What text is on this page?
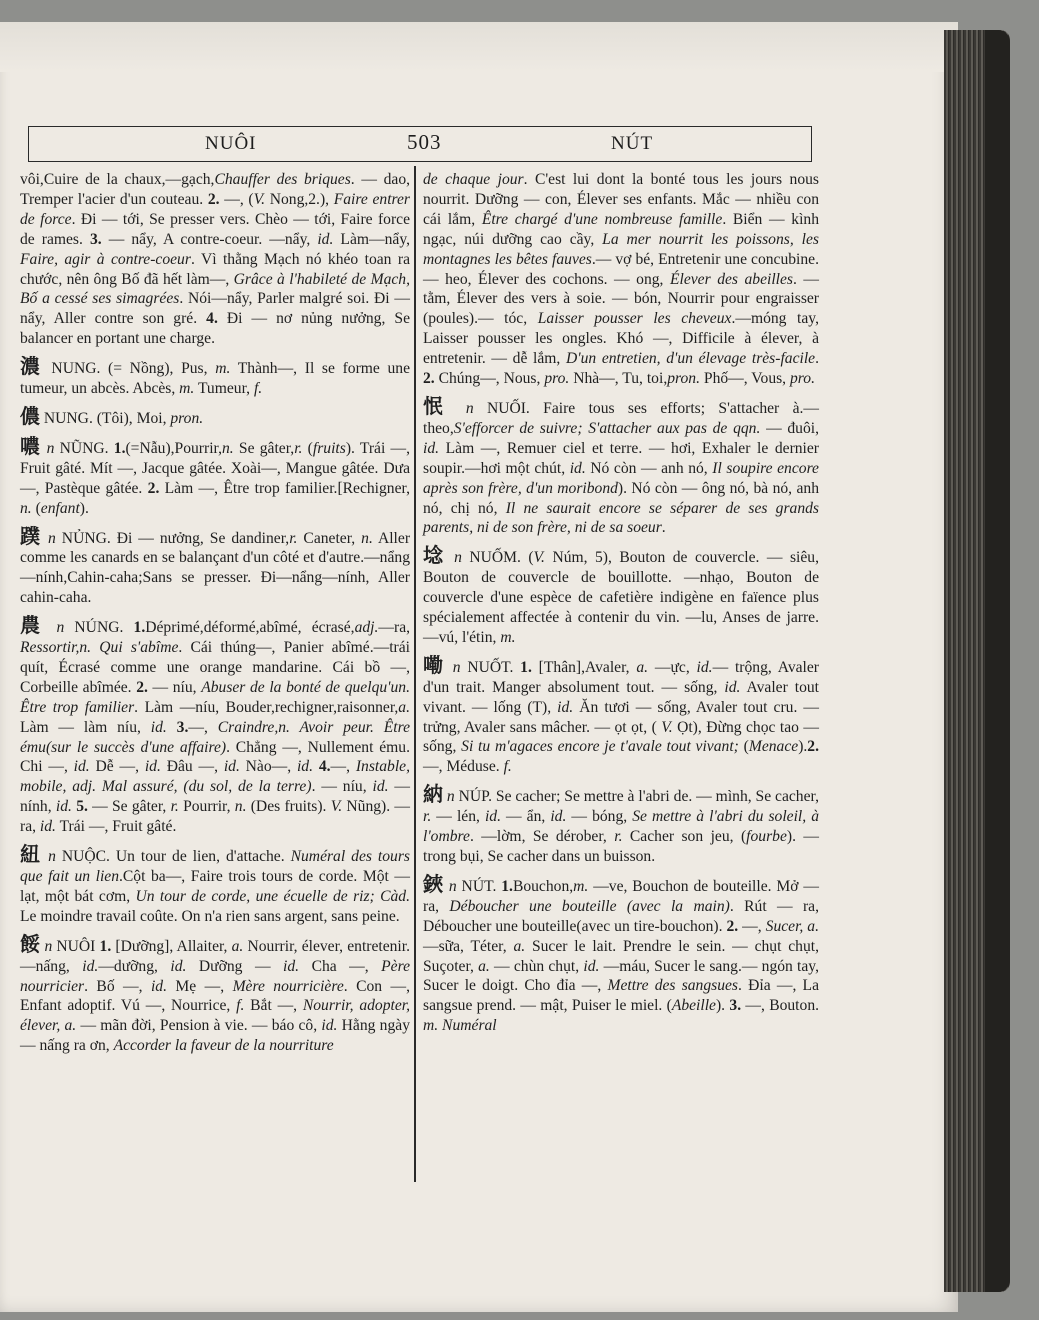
NUÔI	503	NÚT

vôi,Cuire de la chaux,—gạch,Chauffer des briques. — dao, Tremper l'acier d'un couteau. 2. —, (V. Nong,2.), Faire entrer de force. Đi — tới, Se presser vers. Chèo — tới, Faire force de rames. 3. — nẩy, A contre-coeur. —nẩy, id. Làm—nẩy, Faire, agir à contre-coeur. Vì thằng Mạch nó khéo toan ra chước, nên ông Bố đã hết làm—, Grâce à l'habileté de Mạch, Bố a cessé ses simagrées. Nói—nẩy, Parler malgré soi. Đi —nẩy, Aller contre son gré. 4. Đi — nơ nủng nưởng, Se balancer en portant une charge.

濃 NUNG. (= Nồng), Pus, m. Thành—, Il se forme une tumeur, un abcès. Abcès, m. Tumeur, f.

儂 NUNG. (Tôi), Moi, pron.

噥 n NŨNG. 1.(=Nẫu),Pourrir,n. Se gâter,r. (fruits). Trái —, Fruit gâté. Mít —, Jacque gâtée. Xoài—, Mangue gâtée. Dưa—, Pastèque gâtée. 2. Làm —, Être trop familier.[Rechigner, n. (enfant).

蹼 n NỦNG. Đi — nưởng, Se dandiner,r. Caneter, n. Aller comme les canards en se balançant d'un côté et d'autre.—nẩng—nính,Cahin-caha;Sans se presser. Đi—nẩng—nính, Aller cahin-caha.

農 n NÚNG. 1.Déprimé,déformé,abîmé, écrasé,adj.—ra, Ressortir,n. Qui s'abîme. Cái thúng—, Panier abîmé.—trái quít, Écrasé comme une orange mandarine. Cái bồ —, Corbeille abîmée. 2. — níu, Abuser de la bonté de quelqu'un. Être trop familier. Làm —níu, Bouder,rechigner,raisonner,a. Làm — làm níu, id. 3.—, Craindre,n. Avoir peur. Être ému(sur le succès d'une affaire). Chẳng —, Nullement ému. Chi —, id. Dễ —, id. Đâu —, id. Nào—, id. 4.—, Instable, mobile, adj. Mal assuré, (du sol, de la terre). — níu, id. — nính, id. 5. — Se gâter, r. Pourrir, n. (Des fruits). V. Nũng). — ra, id. Trái —, Fruit gâté.

紐 n NUỘC. Un tour de lien, d'attache. Numéral des tours que fait un lien.Cột ba—, Faire trois tours de corde. Một — lạt, một bát cơm, Un tour de corde, une écuelle de riz; Càd. Le moindre travail coûte. On n'a rien sans argent, sans peine.

餒 n NUÔI 1. [Dưỡng], Allaiter, a. Nourrir, élever, entretenir.—nấng, id.—dưỡng, id. Dưỡng — id. Cha —, Père nourricier. Bố —, id. Mẹ —, Mère nourricière. Con —, Enfant adoptif. Vú —, Nourrice, f. Bắt —, Nourrir, adopter, élever, a. — mãn đời, Pension à vie. — báo cô, id. Hằng ngày — nấng ra ơn, Accorder la faveur de la nourriture

de chaque jour. C'est lui dont la bonté tous les jours nous nourrit. Dưỡng — con, Élever ses enfants. Mắc — nhiều con cái lắm, Être chargé d'une nombreuse famille. Biển — kình ngạc, núi dưỡng cao cầy, La mer nourrit les poissons, les montagnes les bêtes fauves.— vợ bé, Entretenir une concubine.— heo, Élever des cochons. — ong, Élever des abeilles. — tằm, Élever des vers à soie. — bón, Nourrir pour engraisser (poules).— tóc, Laisser pousser les cheveux.—móng tay, Laisser pousser les ongles. Khó —, Difficile à élever, à entretenir. — dễ lắm, D'un entretien, d'un élevage très-facile. 2. Chúng—, Nous, pro. Nhà—, Tu, toi,pron. Phố—, Vous, pro.

怋 n NUỐI. Faire tous ses efforts; S'attacher à.—theo,S'efforcer de suivre; S'attacher aux pas de qqn. — đuôi, id. Làm —, Remuer ciel et terre. — hơi, Exhaler le dernier soupir.—hơi một chút, id. Nó còn — anh nó, Il soupire encore après son frère, d'un moribond). Nó còn — ông nó, bà nó, anh nó, chị nó, Il ne saurait encore se séparer de ses grands parents, ni de son frère, ni de sa soeur.

埝 n NUỐM. (V. Núm, 5), Bouton de couvercle. — siêu, Bouton de couvercle de bouillotte. —nhạo, Bouton de couvercle d'une espèce de cafetière indigène en faïence plus spécialement affectée à contenir du vin. —lu, Anses de jarre. —vú, l'étin, m.

嘞 n NUỐT. 1. [Thân],Avaler, a. —ực, id.— trộng, Avaler d'un trait. Manger absolument tout. — sống, id. Avaler tout vivant. — lống (T), id. Ăn tươi — sống, Avaler tout cru. — trửng, Avaler sans mâcher. — ọt ọt, ( V. Ọt), Đừng chọc tao — sống, Si tu m'agaces encore je t'avale tout vivant; (Menace).2.—, Méduse. f.

納 n NÚP. Se cacher; Se mettre à l'abri de. — mình, Se cacher, r. — lén, id. — ẩn, id. — bóng, Se mettre à l'abri du soleil, à l'ombre. —lờm, Se dérober, r. Cacher son jeu, (fourbe). —trong bụi, Se cacher dans un buisson.

鋏 n NÚT. 1.Bouchon,m. —ve, Bouchon de bouteille. Mở — ra, Déboucher une bouteille (avec la main). Rút — ra, Déboucher une bouteille(avec un tire-bouchon). 2. —, Sucer, a. —sữa, Téter, a. Sucer le lait. Prendre le sein. — chụt chụt, Suçoter, a. — chùn chụt, id. —máu, Sucer le sang.— ngón tay, Sucer le doigt. Cho đỉa —, Mettre des sangsues. Đỉa —, La sangsue prend. — mật, Puiser le miel. (Abeille). 3. —, Bouton. m. Numéral
